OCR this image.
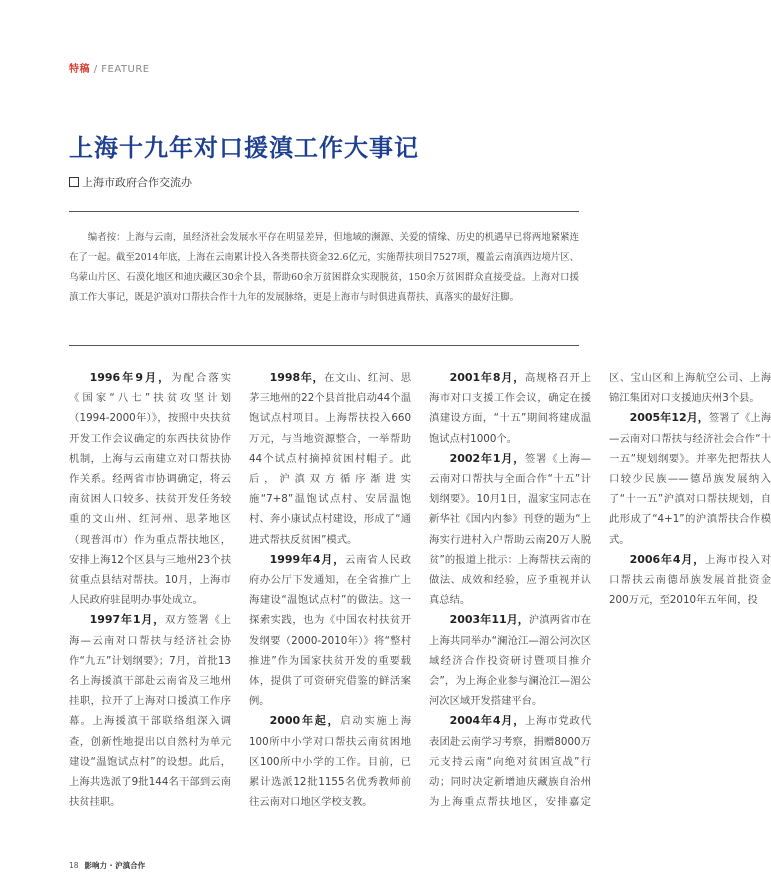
特稿 / FEATURE
上海十九年对口援滇工作大事记
上海市政府合作交流办

编者按：上海与云南，虽经济社会发展水平存在明显差异，但地域的濒源、关爱的情缘、历史的机遇早已将两地紧紧连在了一起。截至2014年底，上海在云南累计投入各类帮扶资金32.6亿元，实施帮扶项目7527项，覆盖云南滇西边境片区、乌蒙山片区、石漠化地区和迪庆藏区30余个县，帮助60余万贫困群众实现脱贫，150余万贫困群众直接受益。上海对口援滇工作大事记，既是沪滇对口帮扶合作十九年的发展脉络，更是上海市与时俱进真帮扶、真落实的最好注脚。

1996年9月，为配合落实《国家“八七”扶贫攻坚计划（1994-2000年）》，按照中央扶贫开发工作会议确定的东西扶贫协作机制，上海与云南建立对口帮扶协作关系。经两省市协调确定，将云南贫困人口较多、扶贫开发任务较重的文山州、红河州、思茅地区（现普洱市）作为重点帮扶地区，安排上海12个区县与三地州23个扶贫重点县结对帮扶。10月，上海市人民政府驻昆明办事处成立。

1997年1月，双方签署《上海—云南对口帮扶与经济社会协作“九五”计划纲要》；7月，首批13名上海援滇干部赴云南省及三地州挂职，拉开了上海对口援滇工作序幕。上海援滇干部联络组深入调查，创新性地提出以自然村为单元建设“温饱试点村”的设想。此后，上海共选派了9批144名干部到云南扶贫挂职。

1998年，在文山、红河、思茅三地州的22个县首批启动44个温饱试点村项目。上海帮扶投入660万元，与当地资源整合，一举帮助44个试点村摘掉贫困村帽子。此后，沪滇双方循序渐进实施“7+8”温饱试点村、安居温饱村、奔小康试点村建设，形成了“通进式帮扶反贫困”模式。

1999年4月，云南省人民政府办公厅下发通知，在全省推广上海建设“温饱试点村”的做法。这一探索实践，也为《中国农村扶贫开发纲要（2000-2010年）》将“整村推进”作为国家扶贫开发的重要载体，提供了可资研究借鉴的鲜活案例。

2000年起，启动实施上海100所中小学对口帮扶云南贫困地区100所中小学的工作。目前，已累计选派12批1155名优秀教师前往云南对口地区学校支教。

2001年8月，高规格召开上海市对口支援工作会议，确定在援滇建设方面，“十五”期间将建成温饱试点村1000个。

2002年1月，签署《上海—云南对口帮扶与全面合作“十五”计划纲要》。10月1日，温家宝同志在新华社《国内内参》刊登的题为“上海实行进村入户帮助云南20万人脱贫”的报道上批示：上海帮扶云南的做法、成效和经验，应予重视并认真总结。

2003年11月，沪滇两省市在上海共同举办“澜沧江—湄公河次区域经济合作投资研讨暨项目推介会”，为上海企业参与澜沧江—湄公河次区域开发搭建平台。

2004年4月，上海市党政代表团赴云南学习考察，捐赠8000万元支持云南“向绝对贫困宣战”行动；同时决定新增迪庆藏族自治州为上海重点帮扶地区，安排嘉定区、宝山区和上海航空公司、上海锦江集团对口支援迪庆州3个县。

2005年12月，签署了《上海—云南对口帮扶与经济社会合作“十一五”规划纲要》。并率先把帮扶人口较少民族——德昂族发展纳入了“十一五”沪滇对口帮扶规划，自此形成了“4+1”的沪滇帮扶合作模式。

2006年4月，上海市投入对口帮扶云南德昂族发展首批资金200万元，至2010年五年间，投

18 影响力 · 沪滇合作
